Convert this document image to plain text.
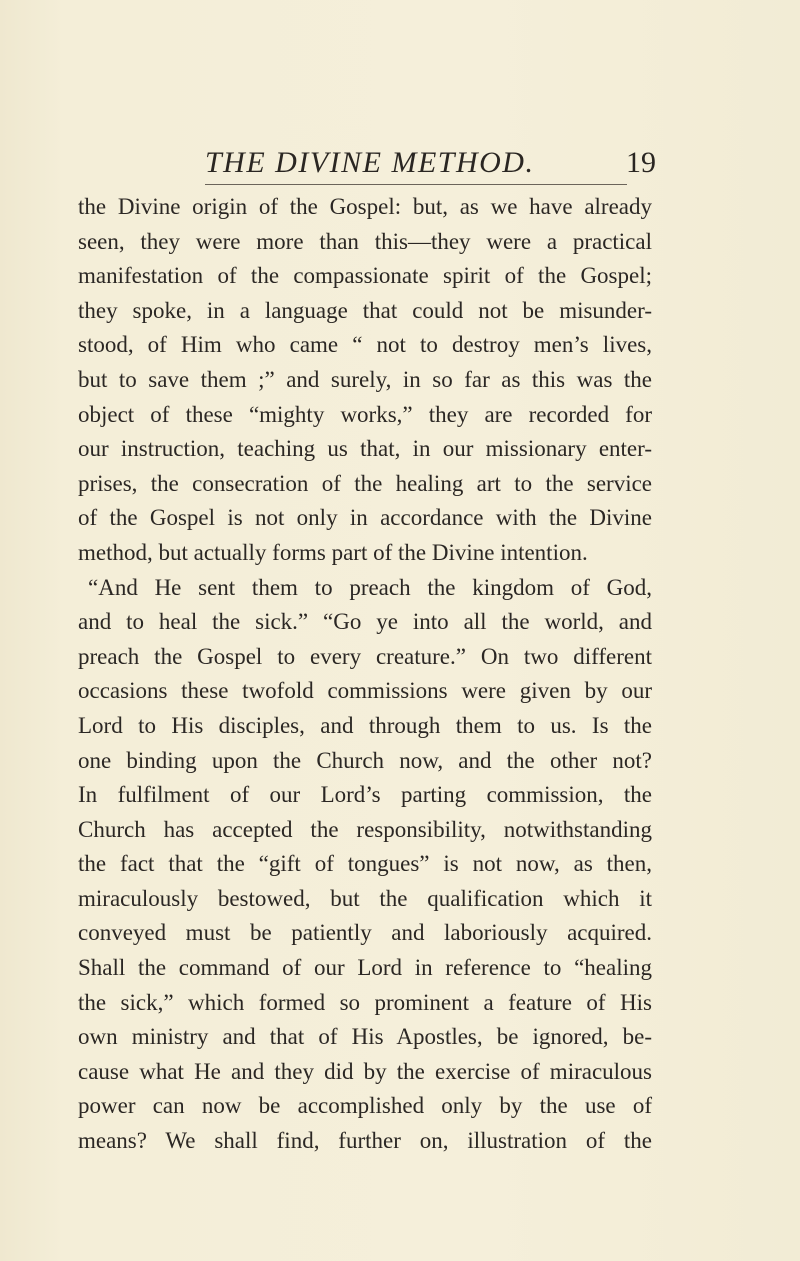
THE DIVINE METHOD.	19
the Divine origin of the Gospel: but, as we have already
seen, they were more than this—they were a practical
manifestation of the compassionate spirit of the Gospel;
they spoke, in a language that could not be misunder-
stood, of Him who came “ not to destroy men’s lives,
but to save them ;” and surely, in so far as this was the
object of these “mighty works,” they are recorded for
our instruction, teaching us that, in our missionary enter-
prises, the consecration of the healing art to the service
of the Gospel is not only in accordance with the Divine
method, but actually forms part of the Divine intention.
“And He sent them to preach the kingdom of God,
and to heal the sick.” “Go ye into all the world, and
preach the Gospel to every creature.” On two different
occasions these twofold commissions were given by our
Lord to His disciples, and through them to us. Is the
one binding upon the Church now, and the other not?
In fulfilment of our Lord’s parting commission, the
Church has accepted the responsibility, notwithstanding
the fact that the “gift of tongues” is not now, as then,
miraculously bestowed, but the qualification which it
conveyed must be patiently and laboriously acquired.
Shall the command of our Lord in reference to “healing
the sick,” which formed so prominent a feature of His
own ministry and that of His Apostles, be ignored, be-
cause what He and they did by the exercise of miraculous
power can now be accomplished only by the use of
means? We shall find, further on, illustration of the
